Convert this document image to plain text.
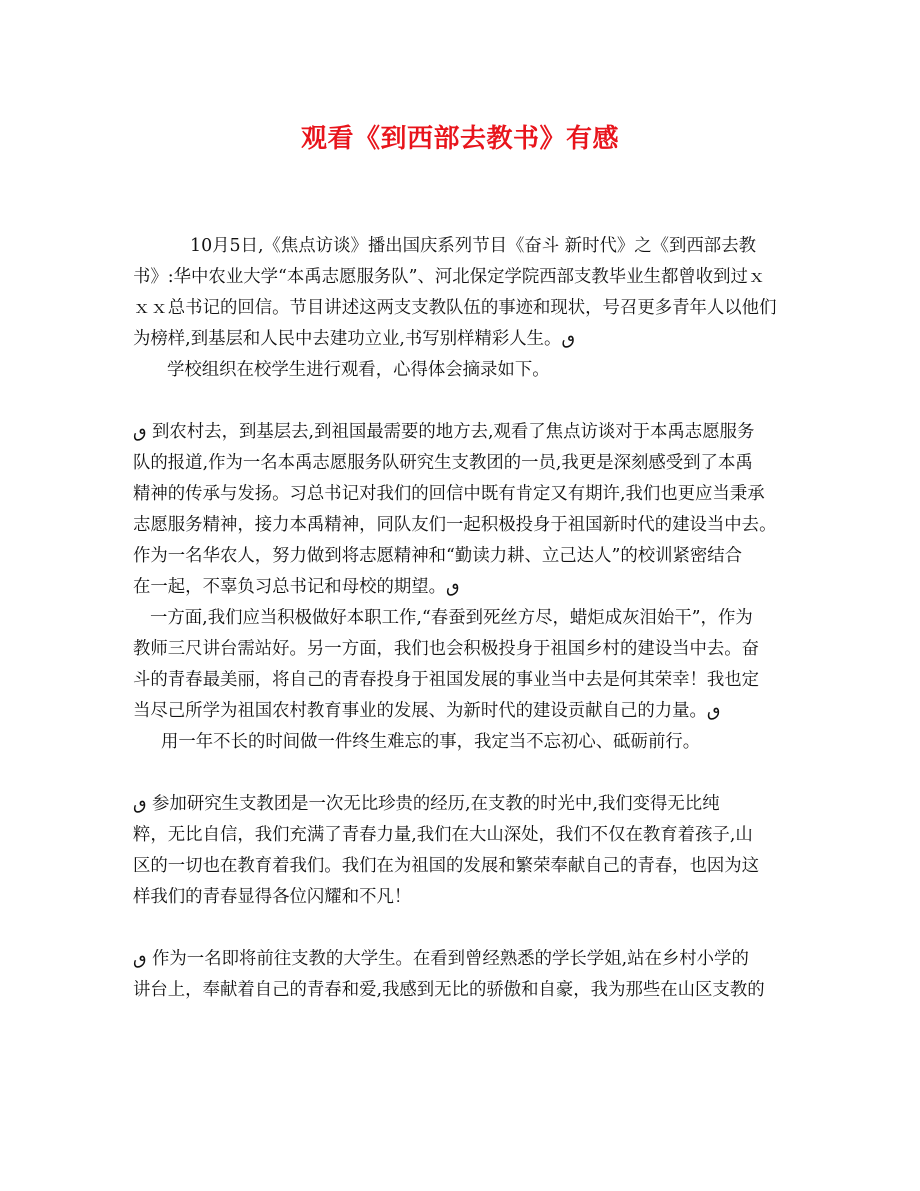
观看《到西部去教书》有感
10月5日,《焦点访谈》播出国庆系列节目《奋斗 新时代》之《到西部去教
书》:华中农业大学“本禹志愿服务队”、河北保定学院西部支教毕业生都曾收到过ｘ
ｘｘ总书记的回信。节目讲述这两支支教队伍的事迹和现状，号召更多青年人以他们
为榜样,到基层和人民中去建功立业,书写别样精彩人生。ٯ
学校组织在校学生进行观看，心得体会摘录如下。
ٯ 到农村去，到基层去,到祖国最需要的地方去,观看了焦点访谈对于本禹志愿服务
队的报道,作为一名本禹志愿服务队研究生支教团的一员,我更是深刻感受到了本禹
精神的传承与发扬。习总书记对我们的回信中既有肯定又有期许,我们也更应当秉承
志愿服务精神，接力本禹精神，同队友们一起积极投身于祖国新时代的建设当中去。
作为一名华农人，努力做到将志愿精神和“勤读力耕、立己达人”的校训紧密结合
在一起，不辜负习总书记和母校的期望。ٯ
一方面,我们应当积极做好本职工作,“春蚕到死丝方尽，蜡炬成灰泪始干”，作为
教师三尺讲台需站好。另一方面，我们也会积极投身于祖国乡村的建设当中去。奋
斗的青春最美丽，将自己的青春投身于祖国发展的事业当中去是何其荣幸！我也定
当尽己所学为祖国农村教育事业的发展、为新时代的建设贡献自己的力量。ٯ
用一年不长的时间做一件终生难忘的事，我定当不忘初心、砥砺前行。
ٯ 参加研究生支教团是一次无比珍贵的经历,在支教的时光中,我们变得无比纯
粹，无比自信，我们充满了青春力量,我们在大山深处，我们不仅在教育着孩子,山
区的一切也在教育着我们。我们在为祖国的发展和繁荣奉献自己的青春，也因为这
样我们的青春显得各位闪耀和不凡！
ٯ 作为一名即将前往支教的大学生。在看到曾经熟悉的学长学姐,站在乡村小学的
讲台上，奉献着自己的青春和爱,我感到无比的骄傲和自豪，我为那些在山区支教的
